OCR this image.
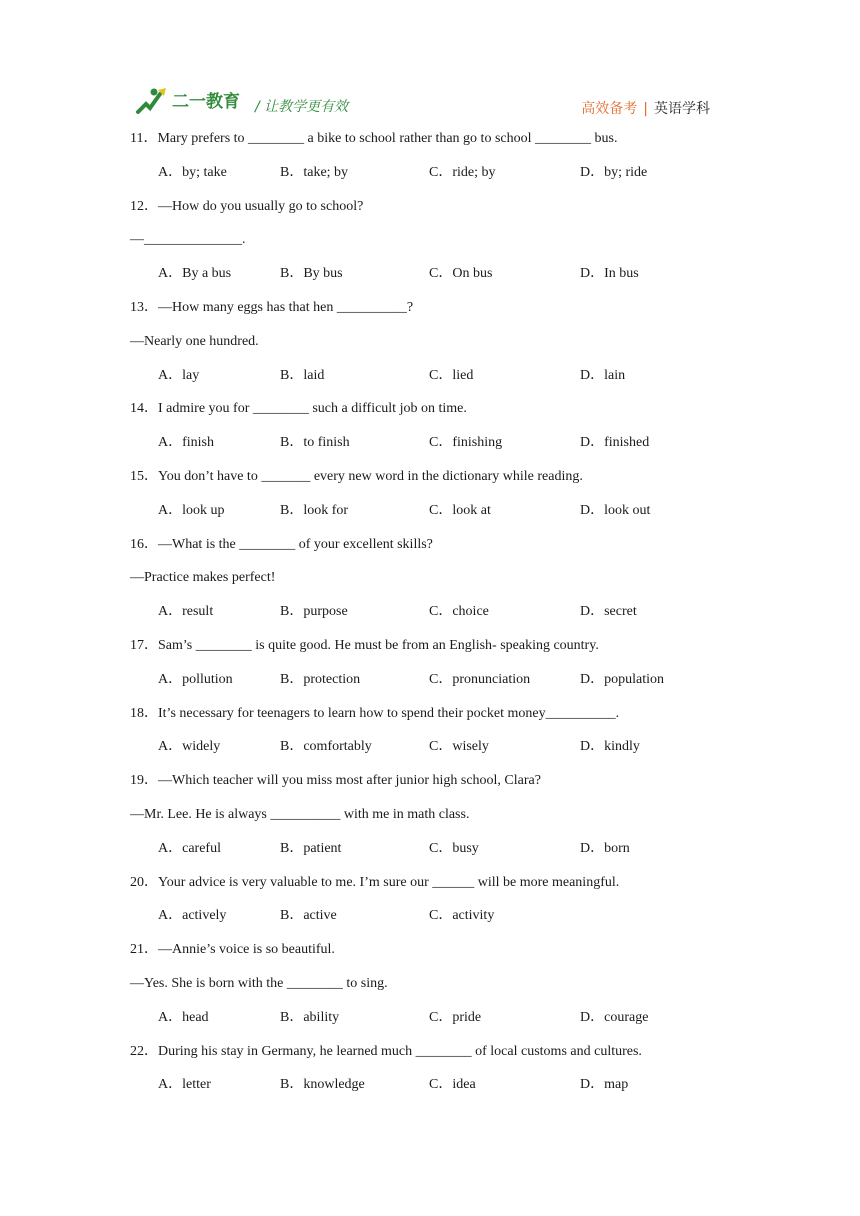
二一教育 / 让教学更有效	高效备考 | 英语学科
11．Mary prefers to ________ a bike to school rather than go to school ________ bus.
A．by; take	B．take; by	C．ride; by	D．by; ride
12．—How do you usually go to school?
—______________.
A．By a bus	B．By bus	C．On bus	D．In bus
13．—How many eggs has that hen __________?
—Nearly one hundred.
A．lay	B．laid	C．lied	D．lain
14．I admire you for ________ such a difficult job on time.
A．finish	B．to finish	C．finishing	D．finished
15．You don’t have to _______ every new word in the dictionary while reading.
A．look up	B．look for	C．look at	D．look out
16．—What is the ________ of your excellent skills?
—Practice makes perfect!
A．result	B．purpose	C．choice	D．secret
17．Sam’s ________ is quite good. He must be from an English- speaking country.
A．pollution	B．protection	C．pronunciation	D．population
18．It’s necessary for teenagers to learn how to spend their pocket money__________.
A．widely	B．comfortably	C．wisely	D．kindly
19．—Which teacher will you miss most after junior high school, Clara?
—Mr. Lee. He is always __________ with me in math class.
A．careful	B．patient	C．busy	D．born
20．Your advice is very valuable to me. I’m sure our ______ will be more meaningful.
A．actively	B．active	C．activity
21．—Annie’s voice is so beautiful.
—Yes. She is born with the ________ to sing.
A．head	B．ability	C．pride	D．courage
22．During his stay in Germany, he learned much ________ of local customs and cultures.
A．letter	B．knowledge	C．idea	D．map
